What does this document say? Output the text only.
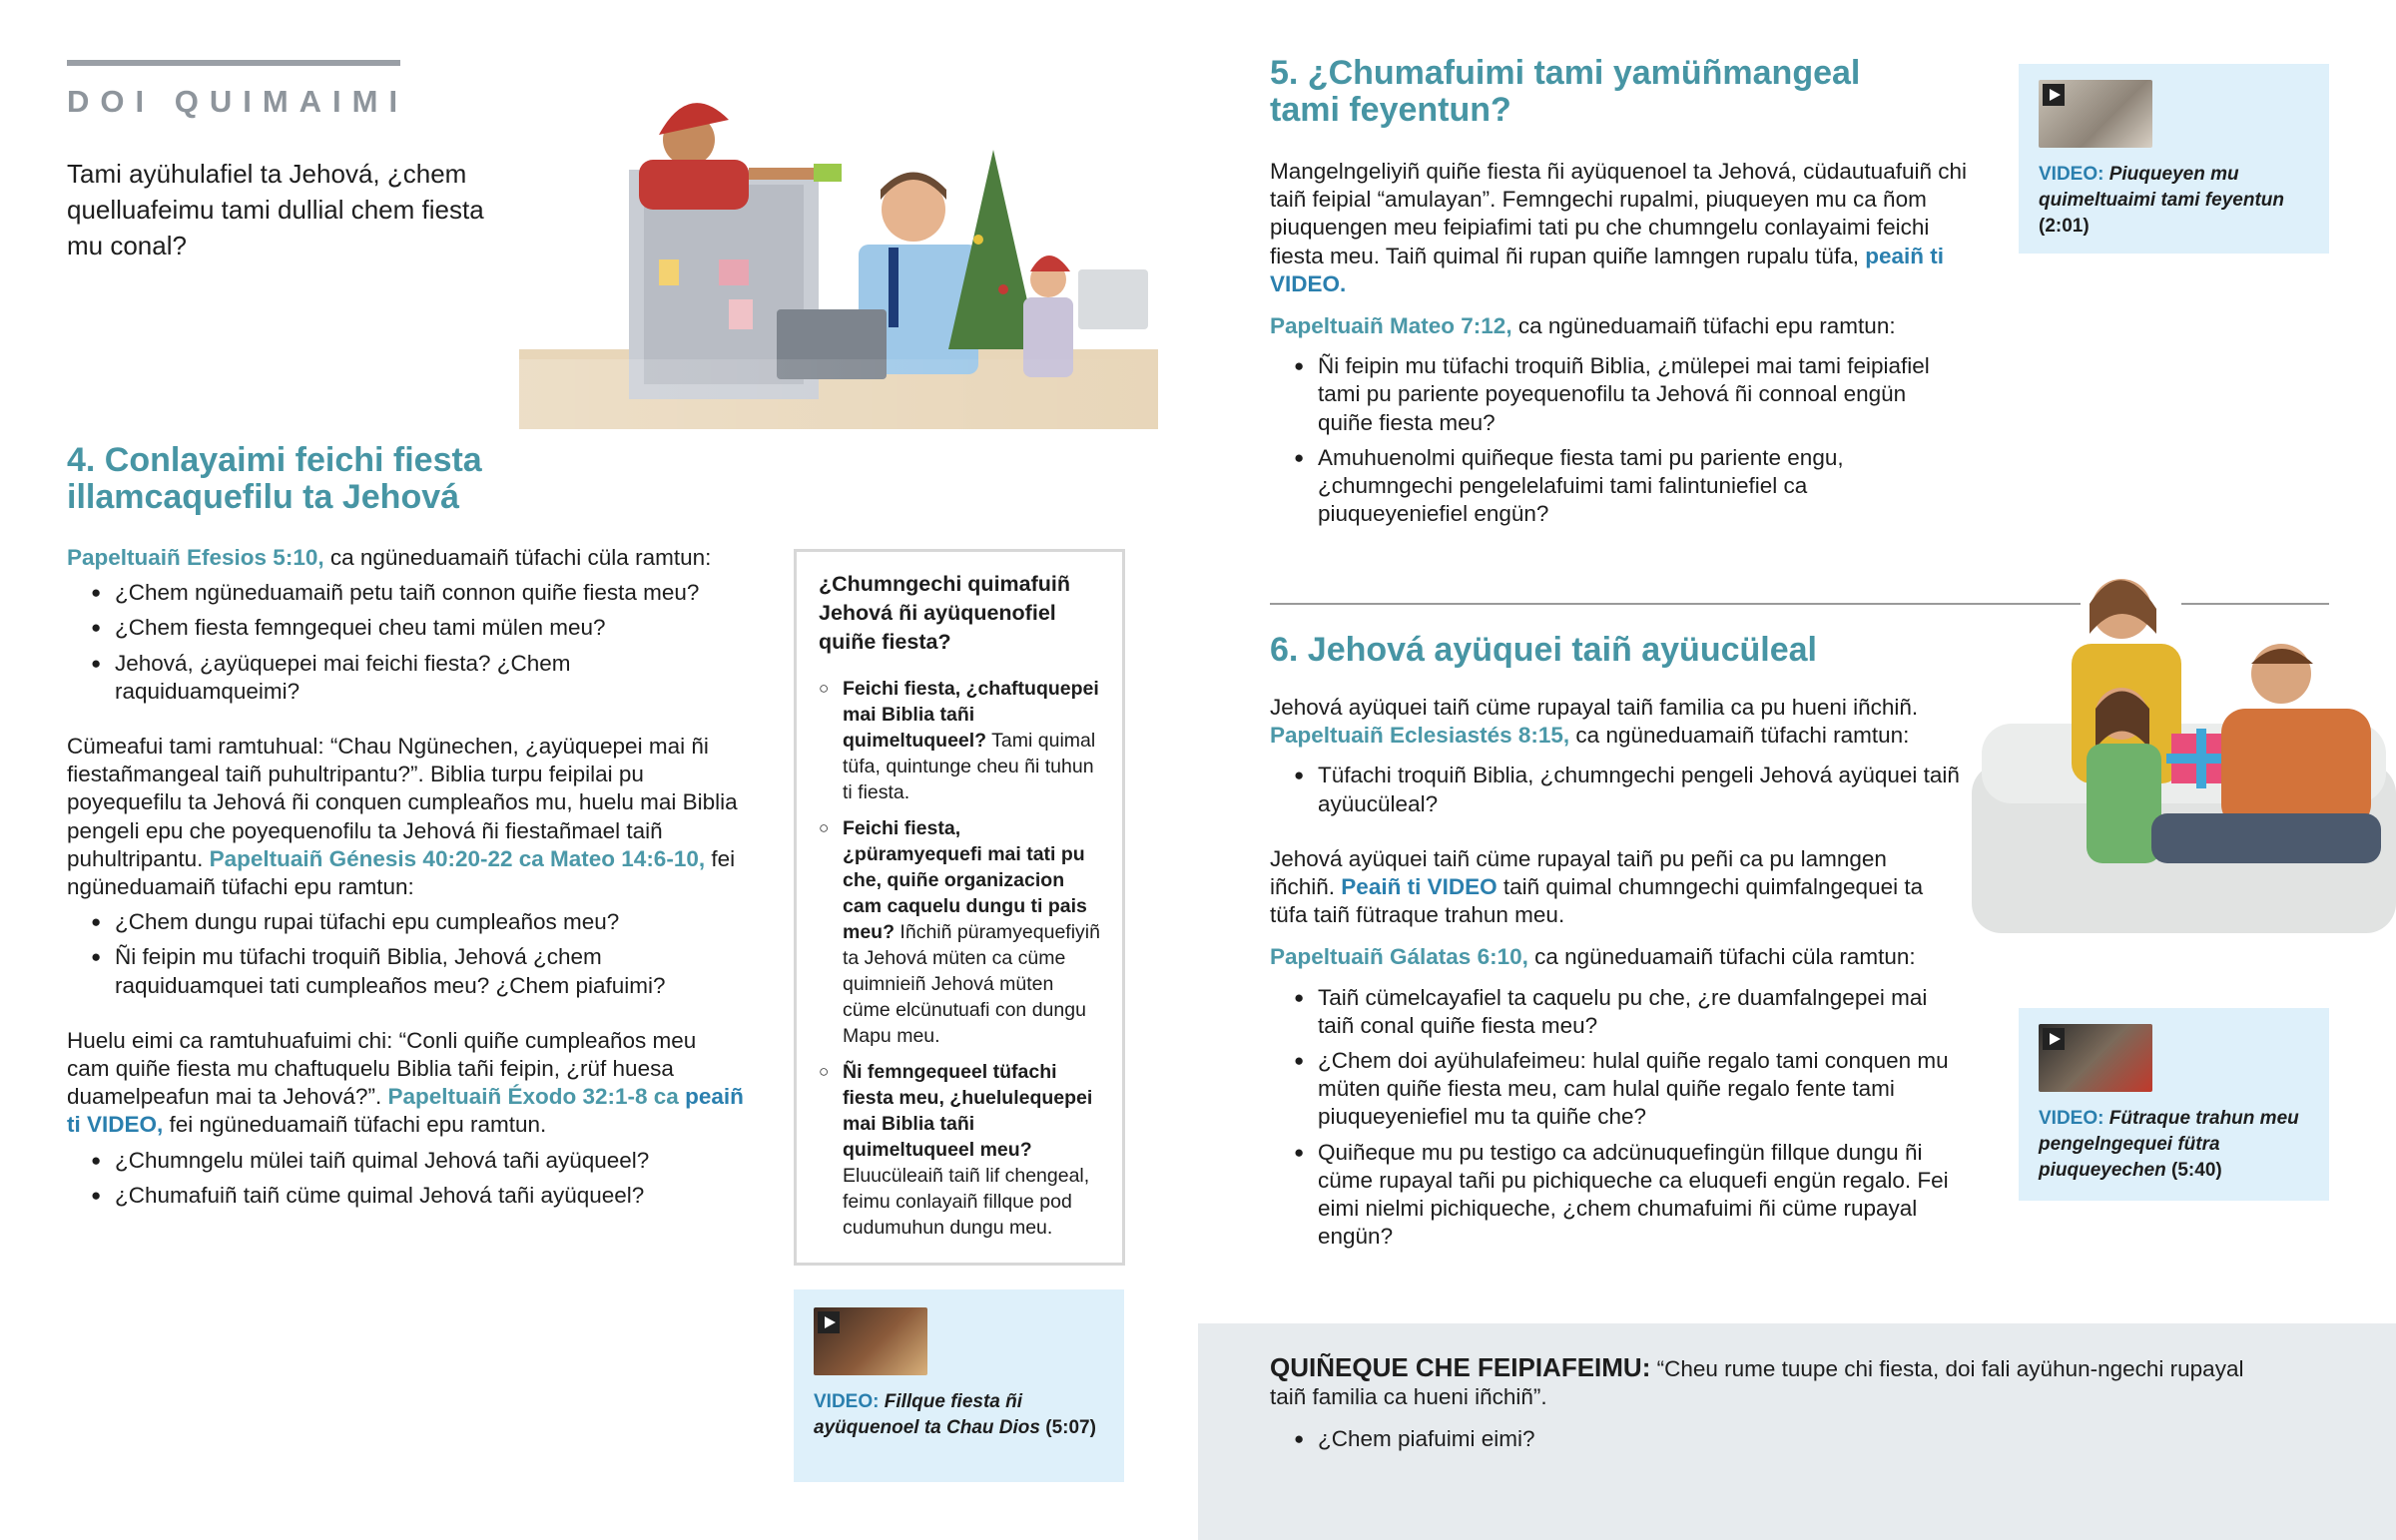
DOI QUIMAIMI
Tami ayühulafiel ta Jehová, ¿chem quelluafeimu tami dullial chem fiesta mu conal?
4. Conlayaimi feichi fiesta
illamcaquefilu ta Jehová

Papeltuaiñ Efesios 5:10, ca ngüneduamaiñ tüfachi cüla ramtun:

● ¿Chem ngüneduamaiñ petu taiñ connon quiñe fiesta meu?
● ¿Chem fiesta femngequei cheu tami mülen meu?
● Jehová, ¿ayüquepei mai feichi fiesta? ¿Chem raquiduamqueimi?

Cümeafui tami ramtuhual: “Chau Ngünechen, ¿ayüquepei mai ñi fiestañmangeal taiñ puhultripantu?”. Biblia turpu feipilai pu poyequefilu ta Jehová ñi conquen cumpleaños mu, huelu mai Biblia pengeli epu che poyequenofilu ta Jehová ñi fiestañmael taiñ puhultripantu. Papeltuaiñ Génesis 40:20-22 ca Mateo 14:6-10, fei ngüneduamaiñ tüfachi epu ramtun:

● ¿Chem dungu rupai tüfachi epu cumpleaños meu?
● Ñi feipin mu tüfachi troquiñ Biblia, Jehová ¿chem raquiduamquei tati cumpleaños meu? ¿Chem piafuimi?

Huelu eimi ca ramtuhuafuimi chi: “Conli quiñe cumpleaños meu cam quiñe fiesta mu chaftuquelu Biblia tañi feipin, ¿rüf huesa duamelpeafun mai ta Jehová?”. Papeltuaiñ Éxodo 32:1-8 ca peaiñ ti VIDEO, fei ngüneduamaiñ tüfachi epu ramtun.

● ¿Chumngelu mülei taiñ quimal Jehová tañi ayüqueel?
● ¿Chumafuiñ taiñ cüme quimal Jehová tañi ayüqueel?
¿Chumngechi quimafuiñ Jehová ñi ayüquenofiel quiñe fiesta?
○ Feichi fiesta, ¿chaftuquepei mai Biblia tañi quimeltuqueel? Tami quimal tüfa, quintunge cheu ñi tuhun ti fiesta.
○ Feichi fiesta, ¿püramyequefi mai tati pu che, quiñe organizacion cam caquelu dungu ti pais meu? Iñchiñ püramyequefiyiñ ta Jehová müten ca cüme quimnieiñ Jehová müten cüme elcünutuafi con dungu Mapu meu.
○ Ñi femngequeel tüfachi fiesta meu, ¿huelulequepei mai Biblia tañi quimeltuqueel meu? Eluucüleaiñ taiñ lif chengeal, feimu conlayaiñ fillque pod cudumuhun dungu meu.
VIDEO: Fillque fiesta ñi ayüquenoel ta Chau Dios (5:07)
5. ¿Chumafuimi tami yamüñmangeal
tami feyentun?

Mangelngeliyiñ quiñe fiesta ñi ayüquenoel ta Jehová, cüdautuafuiñ chi taiñ feipial “amulayan”. Femngechi rupalmi, piuqueyen mu ca ñom piuquengen meu feipiafimi tati pu che chumngelu conlayaimi feichi fiesta meu. Taiñ quimal ñi rupan quiñe lamngen rupalu tüfa, peaiñ ti VIDEO.

Papeltuaiñ Mateo 7:12, ca ngüneduamaiñ tüfachi epu ramtun:

● Ñi feipin mu tüfachi troquiñ Biblia, ¿mülepei mai tami feipiafiel tami pu pariente poyequenofilu ta Jehová ñi connoal engün quiñe fiesta meu?
● Amuhuenolmi quiñeque fiesta tami pu pariente engu, ¿chumngechi pengelelafuimi tami falintuniefiel ca piuqueyeniefiel engün?
VIDEO: Piuqueyen mu quimeltuaimi tami feyentun (2:01)
6. Jehová ayüquei taiñ ayüucüleal

Jehová ayüquei taiñ cüme rupayal taiñ familia ca pu hueni iñchiñ. Papeltuaiñ Eclesiastés 8:15, ca ngüneduamaiñ tüfachi ramtun:

● Tüfachi troquiñ Biblia, ¿chumngechi pengeli Jehová ayüquei taiñ ayüucüleal?

Jehová ayüquei taiñ cüme rupayal taiñ pu peñi ca pu lamngen iñchiñ. Peaiñ ti VIDEO taiñ quimal chumngechi quimfalngequei ta tüfa taiñ fütraque trahun meu.

Papeltuaiñ Gálatas 6:10, ca ngüneduamaiñ tüfachi cüla ramtun:

● Taiñ cümelcayafiel ta caquelu pu che, ¿re duamfalngepei mai taiñ conal quiñe fiesta meu?
● ¿Chem doi ayühulafeimeu: hulal quiñe regalo tami conquen mu müten quiñe fiesta meu, cam hulal quiñe regalo fente tami piuqueyeniefiel mu ta quiñe che?
● Quiñeque mu pu testigo ca adcünuquefingün fillque dungu ñi cüme rupayal tañi pu pichiqueche ca eluquefi engün regalo. Fei eimi nielmi pichiqueche, ¿chem chumafuimi ñi cüme rupayal engün?
VIDEO: Fütraque trahun meu pengelngequei fütra piuqueyechen (5:40)

QUIÑEQUE CHE FEIPIAFEIMU: “Cheu rume tuupe chi fiesta, doi fali ayühun-ngechi rupayal taiñ familia ca hueni iñchiñ”.

● ¿Chem piafuimi eimi?
